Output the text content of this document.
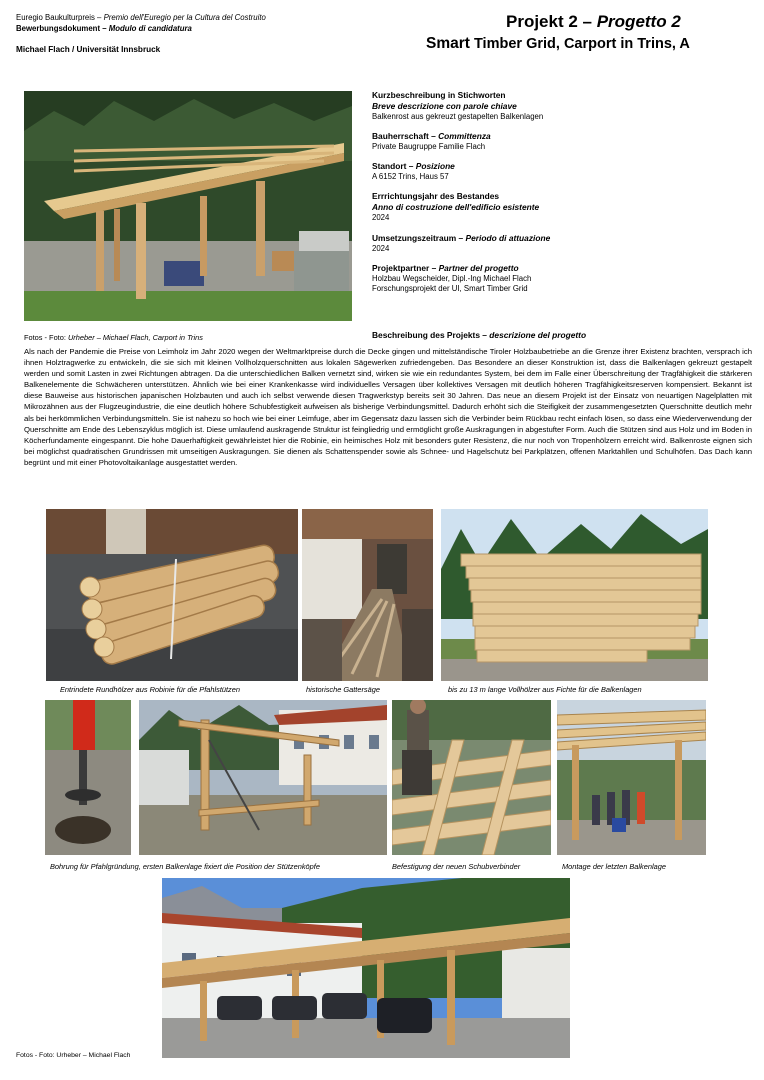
Euregio Baukulturpreis – Premio dell'Euregio per la Cultura del Costruito
Bewerbungsdokument – Modulo di candidatura
Michael Flach / Universität Innsbruck
Projekt 2 – Progetto 2
Smart Timber Grid, Carport in Trins, A
Fotos - Foto: Urheber – Michael Flach, Carport in Trins
Kurzbeschreibung in Stichworten
Breve descrizione con parole chiave
Balkenrost aus gekreuzt gestapelten Balkenlagen
Bauherrschaft – Committenza
Private Baugruppe Familie Flach
Standort – Posizione
A 6152 Trins, Haus 57
Errrichtungsjahr des Bestandes
Anno di costruzione dell'edificio esistente
2024
Umsetzungszeitraum – Periodo di attuazione
2024
Projektpartner – Partner del progetto
Holzbau Wegscheider, Dipl.-Ing Michael Flach
Forschungsprojekt der UI, Smart Timber Grid
Beschreibung des Projekts – descrizione del progetto
Als nach der Pandemie die Preise von Leimholz im Jahr 2020 wegen der Weltmarktpreise durch die Decke gingen und mittelständische Tiroler Holzbaubetriebe an die Grenze ihrer Existenz brachten, versprach ich ihnen Holztragwerke zu entwickeln, die sie sich mit kleinen Vollholzquerschnitten aus lokalen Sägewerken zufriedengeben. Das Besondere an dieser Konstruktion ist, dass die Balkenlagen gekreuzt gestapelt werden und somit Lasten in zwei Richtungen abtragen. Da die unterschiedlichen Balken vernetzt sind, wirken sie wie ein redundantes System, bei dem im Falle einer Überschreitung der Tragfähigkeit die stärkeren Balkenelemente die Schwächeren unterstützen. Ähnlich wie bei einer Krankenkasse wird individuelles Versagen über kollektives Versagen mit deutlich höheren Tragfähigkeitsreserven kompensiert. Bekannt ist diese Bauweise aus historischen japanischen Holzbauten und auch ich selbst verwende diesen Tragwerkstyp bereits seit 30 Jahren. Das neue an diesem Projekt ist der Einsatz von neuartigen Nagelplatten mit Mikrozähnen aus der Flugzeugindustrie, die eine deutlich höhere Schubfestigkeit aufweisen als bisherige Verbindungsmittel. Dadurch erhöht sich die Steifigkeit der zusammengesetzten Querschnitte deutlich mehr als bei herkömmlichen Verbindungsmitteln. Sie ist nahezu so hoch wie bei einer Leimfuge, aber im Gegensatz dazu lassen sich die Verbinder beim Rückbau recht einfach lösen, so dass eine Wiederverwendung der Querschnitte am Ende des Lebenszyklus möglich ist. Diese umlaufend auskragende Struktur ist feingliedrig und ermöglicht große Auskragungen in abgestufter Form. Auch die Stützen sind aus Holz und im Boden in Köcherfundamente eingespannt. Die hohe Dauerhaftigkeit gewährleistet hier die Robinie, ein heimisches Holz mit besonders guter Resistenz, die nur noch von Tropenhölzern erreicht wird. Balkenroste eignen sich bei möglichst quadratischen Grundrissen mit umseitigen Auskragungen. Sie dienen als Schattenspender sowie als Schnee- und Hagelschutz bei Parkplätzen, offenen Marktahllen und Schulhöfen. Das Dach kann begrünt und mit einer Photovoltaikanlage ausgestattet werden.
Entrindete Rundhölzer aus Robinie für die Pfahlstützen	historische Gattersäge	bis zu 13 m lange Vollhölzer aus Fichte für die Balkenlagen
Bohrung für Pfahlgründung, ersten Balkenlage fixiert die Position der Stützenköpfe	Befestigung der neuen Schubverbinder	Montage der letzten Balkenlage
Fotos - Foto: Urheber – Michael Flach
